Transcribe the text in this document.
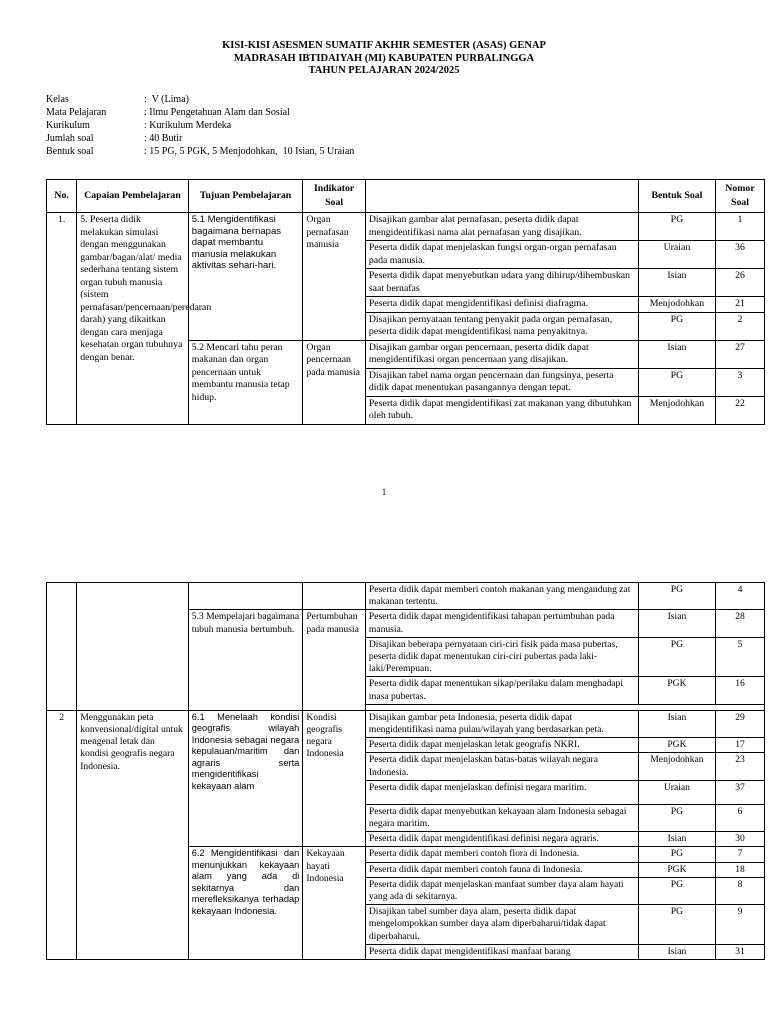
KISI-KISI ASESMEN SUMATIF AKHIR SEMESTER (ASAS) GENAP
MADRASAH IBTIDAIYAH (MI) KABUPATEN PURBALINGGA
TAHUN PELAJARAN 2024/2025
Kelas	:  V (Lima)
Mata Pelajaran	: Ilmu Pengetahuan Alam dan Sosial
Kurikulum	: Kurikulum Merdeka
Jumlah soal	: 40 Butir
Bentuk soal	: 15 PG, 5 PGK, 5 Menjodohkan,  10 Isian, 5 Uraian
No.	Capaian Pembelajaran	Tujuan Pembelajaran	Indikator Soal		Bentuk Soal	Nomor Soal
1.	5. Peserta didik melakukan simulasi dengan menggunakan gambar/bagan/alat/ media sederhana tentang sistem organ tubuh manusia (sistem pernafasan/pencernaan/peredaran darah) yang dikaitkan dengan cara menjaga kesehatan organ tubuhnya dengan benar.	5.1 Mengidentifikasi bagaimana bernapas dapat membantu manusia melakukan aktivitas sehari-hari.	Organ pernafasan manusia	Disajikan gambar alat pernafasan, peserta didik dapat mengidentifikasi nama alat pernafasan yang disajikan.	PG	1
				Peserta didik dapat menjelaskan fungsi organ-organ pernafasan pada manusia.	Uraian	36
				Peserta didik dapat menyebutkan udara yang dihirup/dihembuskan saat bernafas	Isian	26
				Peserta didik dapat mengidentifikasi definisi diafragma.	Menjodohkan	21
				Disajikan pernyataan tentang penyakit pada organ pernafasan, peserta didik dapat mengidentifikasi nama penyakitnya.	PG	2
		5.2 Mencari tahu peran makanan dan organ pencernaan untuk membantu manusia tetap hidup.	Organ pencernaan pada manusia	Disajikan gambar organ pencernaan, peserta didik dapat mengidentifikasi organ pencernaan yang disajikan.	Isian	27
				Disajikan tabel nama organ pencernaan dan fungsinya, peserta didik dapat menentukan pasangannya dengan tepat.	PG	3
				Peserta didik dapat mengidentifikasi zat makanan yang dibutuhkan oleh tubuh.	Menjodohkan	22
1
				Peserta didik dapat memberi contoh makanan yang mengandung zat makanan tertentu.	PG	4
		5.3 Mempelajari bagaimana tubuh manusia bertumbuh.	Pertumbuhan pada manusia	Peserta didik dapat mengidentifikasi tahapan pertumbuhan pada manusia.	Isian	28
				Disajikan beberapa pernyataan ciri-ciri fisik pada masa pubertas, peserta didik dapat menentukan ciri-ciri pubertas pada laki-laki/Perempuan.	PG	5
				Peserta didik dapat menentukan sikap/perilaku dalam menghadapi masa pubertas.	PGK	16

2	Menggunakan peta konvensional/digital untuk mengenal letak dan kondisi geografis negara Indonesia.	6.1 Menelaah kondisi geografis wilayah Indonesia sebagai negara kepulauan/maritim dan agraris serta mengidentifikasi kekayaan alam	Kondisi geografis negara Indonesia	Disajikan gambar peta Indonesia, peserta didik dapat mengidentifikasi nama pulau/wilayah yang berdasarkan peta.	Isian	29
				Peserta didik dapat menjelaskan letak geografis NKRI.	PGK	17
				Peserta didik dapat menjelaskan batas-batas wilayah negara Indonesia.	Menjodohkan	23
				Peserta didik dapat menjelaskan definisi negara maritim.	Uraian	37
				Peserta didik dapat menyebutkan kekayaan alam Indonesia sebagai negara maritim.	PG	6
				Peserta didik dapat mengidentifikasi definisi negara agraris.	Isian	30
		6.2 Mengidentifikasi dan menunjukkan kekayaan alam yang ada di sekitarnya dan merefleksikanya terhadap kekayaan Indonesia.	Kekayaan hayati Indonesia	Peserta didik dapat memberi contoh flora di Indonesia.	PG	7
				Peserta didik dapat memberi contoh fauna di Indonesia.	PGK	18
				Peserta didik dapat menjelaskan manfaat sumber daya alam hayati yang ada di sekitarnya.	PG	8
				Disajikan tabel sumber daya alam, peserta didik dapat mengelompokkan sumber daya alam diperbaharui/tidak dapat diperbaharui.	PG	9
				Peserta didik dapat mengidentifikasi manfaat barang	Isian	31
